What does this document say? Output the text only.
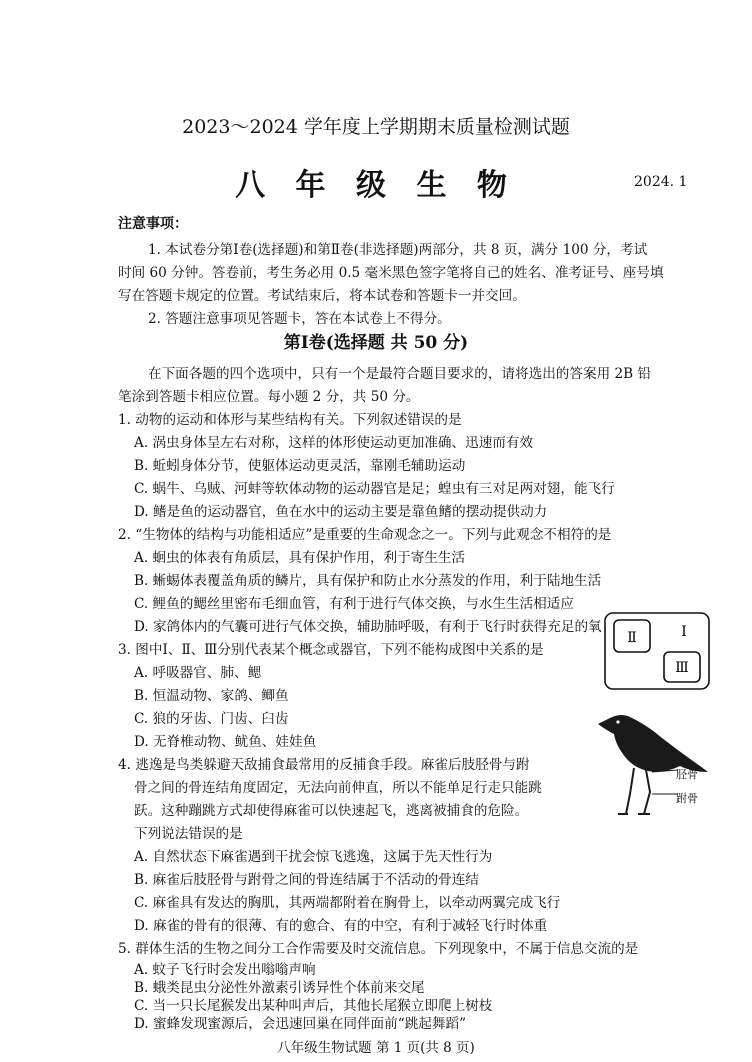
2023～2024 学年度上学期期末质量检测试题
八 年 级 生 物	2024. 1
注意事项：
1. 本试卷分第Ⅰ卷(选择题)和第Ⅱ卷(非选择题)两部分，共 8 页，满分 100 分，考试
时间 60 分钟。答卷前，考生务必用 0.5 毫米黑色签字笔将自己的姓名、准考证号、座号填
写在答题卡规定的位置。考试结束后，将本试卷和答题卡一并交回。
2. 答题注意事项见答题卡，答在本试卷上不得分。
第Ⅰ卷(选择题 共 50 分)
在下面各题的四个选项中，只有一个是最符合题目要求的，请将选出的答案用 2B 铅
笔涂到答题卡相应位置。每小题 2 分，共 50 分。
1. 动物的运动和体形与某些结构有关。下列叙述错误的是
A. 涡虫身体呈左右对称，这样的体形使运动更加准确、迅速而有效
B. 蚯蚓身体分节，使躯体运动更灵活，靠刚毛辅助运动
C. 蜗牛、乌贼、河蚌等软体动物的运动器官是足；蝗虫有三对足两对翅，能飞行
D. 鳍是鱼的运动器官，鱼在水中的运动主要是靠鱼鳍的摆动提供动力
2. “生物体的结构与功能相适应”是重要的生命观念之一。下列与此观念不相符的是
A. 蛔虫的体表有角质层，具有保护作用，利于寄生生活
B. 蜥蜴体表覆盖角质的鳞片，具有保护和防止水分蒸发的作用，利于陆地生活
C. 鲤鱼的鳃丝里密布毛细血管，有利于进行气体交换，与水生生活相适应
D. 家鸽体内的气囊可进行气体交换，辅助肺呼吸，有利于飞行时获得充足的氧
3. 图中Ⅰ、Ⅱ、Ⅲ分别代表某个概念或器官，下列不能构成图中关系的是
A. 呼吸器官、肺、鳃
B. 恒温动物、家鸽、鲫鱼
C. 狼的牙齿、门齿、臼齿
D. 无脊椎动物、鱿鱼、娃娃鱼
Ⅱ	Ⅰ
Ⅲ
4. 逃逸是鸟类躲避天敌捕食最常用的反捕食手段。麻雀后肢胫骨与跗
骨之间的骨连结角度固定，无法向前伸直，所以不能单足行走只能跳
跃。这种蹦跳方式却使得麻雀可以快速起飞，逃离被捕食的危险。
下列说法错误的是
A. 自然状态下麻雀遇到干扰会惊飞逃逸，这属于先天性行为
B. 麻雀后肢胫骨与跗骨之间的骨连结属于不活动的骨连结
C. 麻雀具有发达的胸肌，其两端都附着在胸骨上，以牵动两翼完成飞行
D. 麻雀的骨有的很薄、有的愈合、有的中空，有利于减轻飞行时体重
胫骨
跗骨
5. 群体生活的生物之间分工合作需要及时交流信息。下列现象中，不属于信息交流的是
A. 蚊子飞行时会发出嗡嗡声响
B. 蛾类昆虫分泌性外激素引诱异性个体前来交尾
C. 当一只长尾猴发出某种叫声后，其他长尾猴立即爬上树枝
D. 蜜蜂发现蜜源后，会迅速回巢在同伴面前“跳起舞蹈”
八年级生物试题 第 1 页(共 8 页)
